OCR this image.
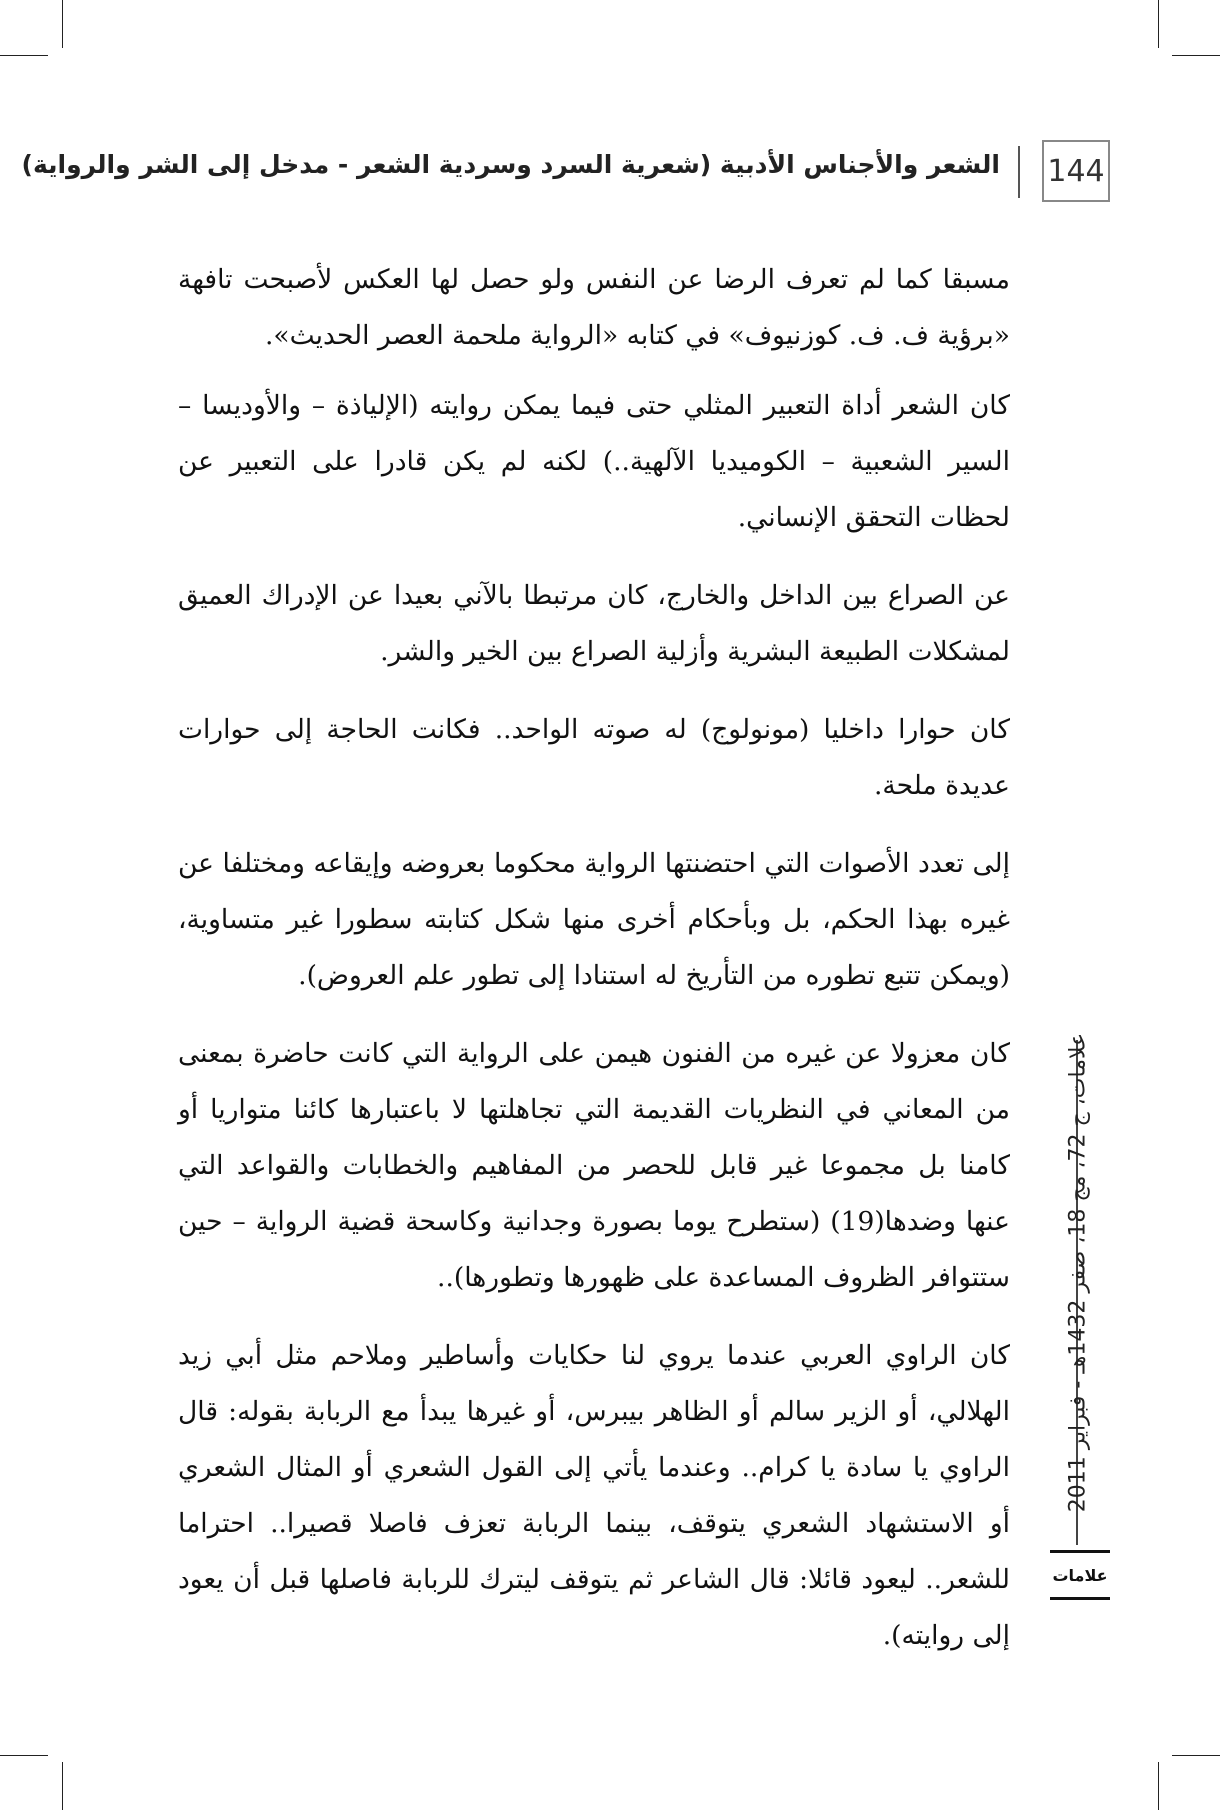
144
الشعر والأجناس الأدبية (شعرية السرد وسردية الشعر - مدخل إلى الشر والرواية)

مسبقا كما لم تعرف الرضا عن النفس ولو حصل لها العكس لأصبحت تافهة «برؤية ف. ف. كوزنيوف» في كتابه «الرواية ملحمة العصر الحديث».

كان الشعر أداة التعبير المثلي حتى فيما يمكن روايته (الإلياذة – والأوديسا – السير الشعبية – الكوميديا الآلهية..) لكنه لم يكن قادرا على التعبير عن لحظات التحقق الإنساني.

عن الصراع بين الداخل والخارج، كان مرتبطا بالآني بعيدا عن الإدراك العميق لمشكلات الطبيعة البشرية وأزلية الصراع بين الخير والشر.

كان حوارا داخليا (مونولوج) له صوته الواحد.. فكانت الحاجة إلى حوارات عديدة ملحة.

إلى تعدد الأصوات التي احتضنتها الرواية محكوما بعروضه وإيقاعه ومختلفا عن غيره بهذا الحكم، بل وبأحكام أخرى منها شكل كتابته سطورا غير متساوية، (ويمكن تتبع تطوره من التأريخ له استنادا إلى تطور علم العروض).

كان معزولا عن غيره من الفنون هيمن على الرواية التي كانت حاضرة بمعنى من المعاني في النظريات القديمة التي تجاهلتها لا باعتبارها كائنا متواريا أو كامنا بل مجموعا غير قابل للحصر من المفاهيم والخطابات والقواعد التي عنها وضدها(19) (ستطرح يوما بصورة وجدانية وكاسحة قضية الرواية – حين ستتوافر الظروف المساعدة على ظهورها وتطورها)..

كان الراوي العربي عندما يروي لنا حكايات وأساطير وملاحم مثل أبي زيد الهلالي، أو الزير سالم أو الظاهر بيبرس، أو غيرها يبدأ مع الربابة بقوله: قال الراوي يا سادة يا كرام.. وعندما يأتي إلى القول الشعري أو المثال الشعري أو الاستشهاد الشعري يتوقف، بينما الربابة تعزف فاصلا قصيرا.. احتراما للشعر.. ليعود قائلا: قال الشاعر ثم يتوقف ليترك للربابة فاصلها قبل أن يعود إلى روايته).

علامات، ج 72، مج 18، صفر 1432هـ - فبراير 2011
علامات
